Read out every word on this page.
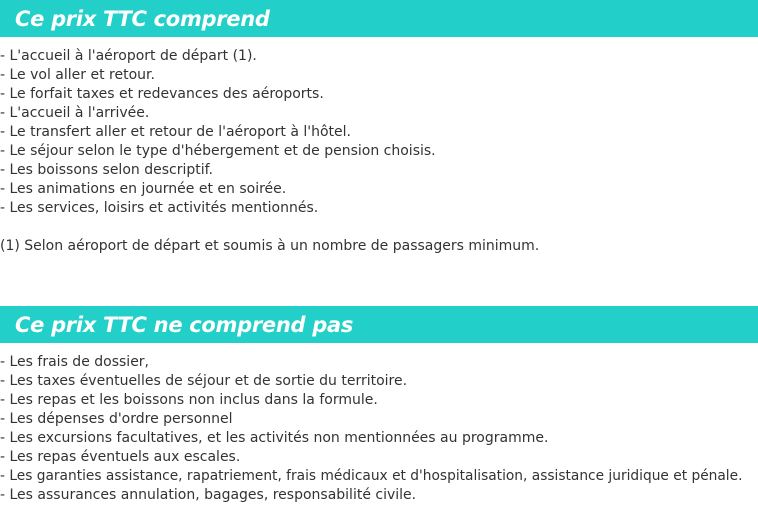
Ce prix TTC comprend
- L'accueil à l'aéroport de départ (1).
- Le vol aller et retour.
- Le forfait taxes et redevances des aéroports.
- L'accueil à l'arrivée.
- Le transfert aller et retour de l'aéroport à l'hôtel.
- Le séjour selon le type d'hébergement et de pension choisis.
- Les boissons selon descriptif.
- Les animations en journée et en soirée.
- Les services, loisirs et activités mentionnés.
(1) Selon aéroport de départ et soumis à un nombre de passagers minimum.
Ce prix TTC ne comprend pas
- Les frais de dossier,
- Les taxes éventuelles de séjour et de sortie du territoire.
- Les repas et les boissons non inclus dans la formule.
- Les dépenses d'ordre personnel
- Les excursions facultatives, et les activités non mentionnées au programme.
- Les repas éventuels aux escales.
- Les garanties assistance, rapatriement, frais médicaux et d'hospitalisation, assistance juridique et pénale.
- Les assurances annulation, bagages, responsabilité civile.
